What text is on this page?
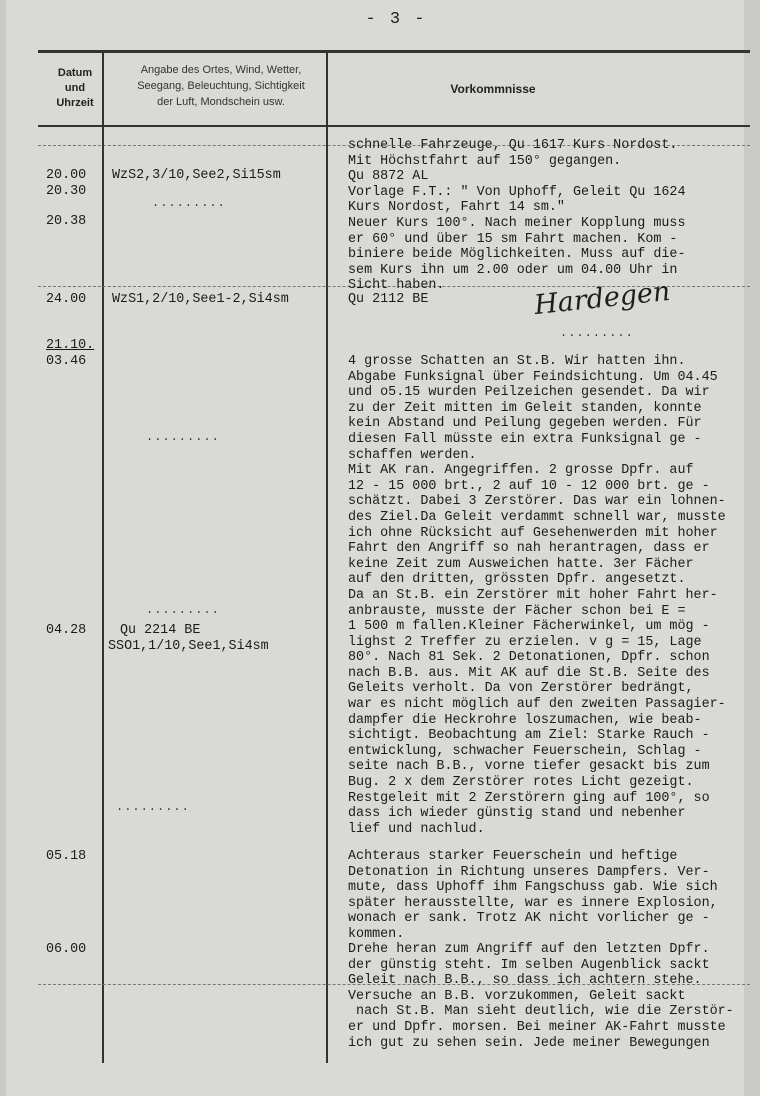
- 3 -
Datum
und
Uhrzeit
Angabe des Ortes, Wind, Wetter,
Seegang, Beleuchtung, Sichtigkeit
der Luft, Mondschein usw.
Vorkommnisse
20.00
20.30
20.38
24.00
21.10.
03.46
04.28
05.18
06.00
WzS2,3/10,See2,Si15sm
.........
WzS1,2/10,See1-2,Si4sm
.........
.........
Qu 2214 BE
SSO1,1/10,See1,Si4sm
.........
schnelle Fahrzeuge, Qu 1617 Kurs Nordost.
Mit Höchstfahrt auf 150° gegangen.
Qu 8872 AL
Vorlage F.T.: " Von Uphoff, Geleit Qu 1624
Kurs Nordost, Fahrt 14 sm."
Neuer Kurs 100°. Nach meiner Kopplung muss
er 60° und über 15 sm Fahrt machen. Kom -
biniere beide Möglichkeiten. Muss auf die-
sem Kurs ihn um 2.00 oder um 04.00 Uhr in
Sicht haben.
Qu 2112 BE	Hardegen
.........
4 grosse Schatten an St.B. Wir hatten ihn.
Abgabe Funksignal über Feindsichtung. Um 04.45
und o5.15 wurden Peilzeichen gesendet. Da wir
zu der Zeit mitten im Geleit standen, konnte
kein Abstand und Peilung gegeben werden. Für
diesen Fall müsste ein extra Funksignal ge -
schaffen werden.
Mit AK ran. Angegriffen. 2 grosse Dpfr. auf
12 - 15 000 brt., 2 auf 10 - 12 000 brt. ge -
schätzt. Dabei 3 Zerstörer. Das war ein lohnen-
des Ziel.Da Geleit verdammt schnell war, musste
ich ohne Rücksicht auf Gesehenwerden mit hoher
Fahrt den Angriff so nah herantragen, dass er
keine Zeit zum Ausweichen hatte. 3er Fächer
auf den dritten, grössten Dpfr. angesetzt.
Da an St.B. ein Zerstörer mit hoher Fahrt her-
anbrauste, musste der Fächer schon bei E =
1 500 m fallen.Kleiner Fächerwinkel, um mög -
lighst 2 Treffer zu erzielen. v g = 15, Lage
80°. Nach 81 Sek. 2 Detonationen, Dpfr. schon
nach B.B. aus. Mit AK auf die St.B. Seite des
Geleits verholt. Da von Zerstörer bedrängt,
war es nicht möglich auf den zweiten Passagier-
dampfer die Heckrohre loszumachen, wie beab-
sichtigt. Beobachtung am Ziel: Starke Rauch -
entwicklung, schwacher Feuerschein, Schlag -
seite nach B.B., vorne tiefer gesackt bis zum
Bug. 2 x dem Zerstörer rotes Licht gezeigt.
Restgeleit mit 2 Zerstörern ging auf 100°, so
dass ich wieder günstig stand und nebenher
lief und nachlud.
Achteraus starker Feuerschein und heftige
Detonation in Richtung unseres Dampfers. Ver-
mute, dass Uphoff ihm Fangschuss gab. Wie sich
später herausstellte, war es innere Explosion,
wonach er sank. Trotz AK nicht vorlicher ge -
kommen.
Drehe heran zum Angriff auf den letzten Dpfr.
der günstig steht. Im selben Augenblick sackt
Geleit nach B.B., so dass ich achtern stehe.
Versuche an B.B. vorzukommen, Geleit sackt
nach St.B. Man sieht deutlich, wie die Zerstör-
er und Dpfr. morsen. Bei meiner AK-Fahrt musste
ich gut zu sehen sein. Jede meiner Bewegungen
